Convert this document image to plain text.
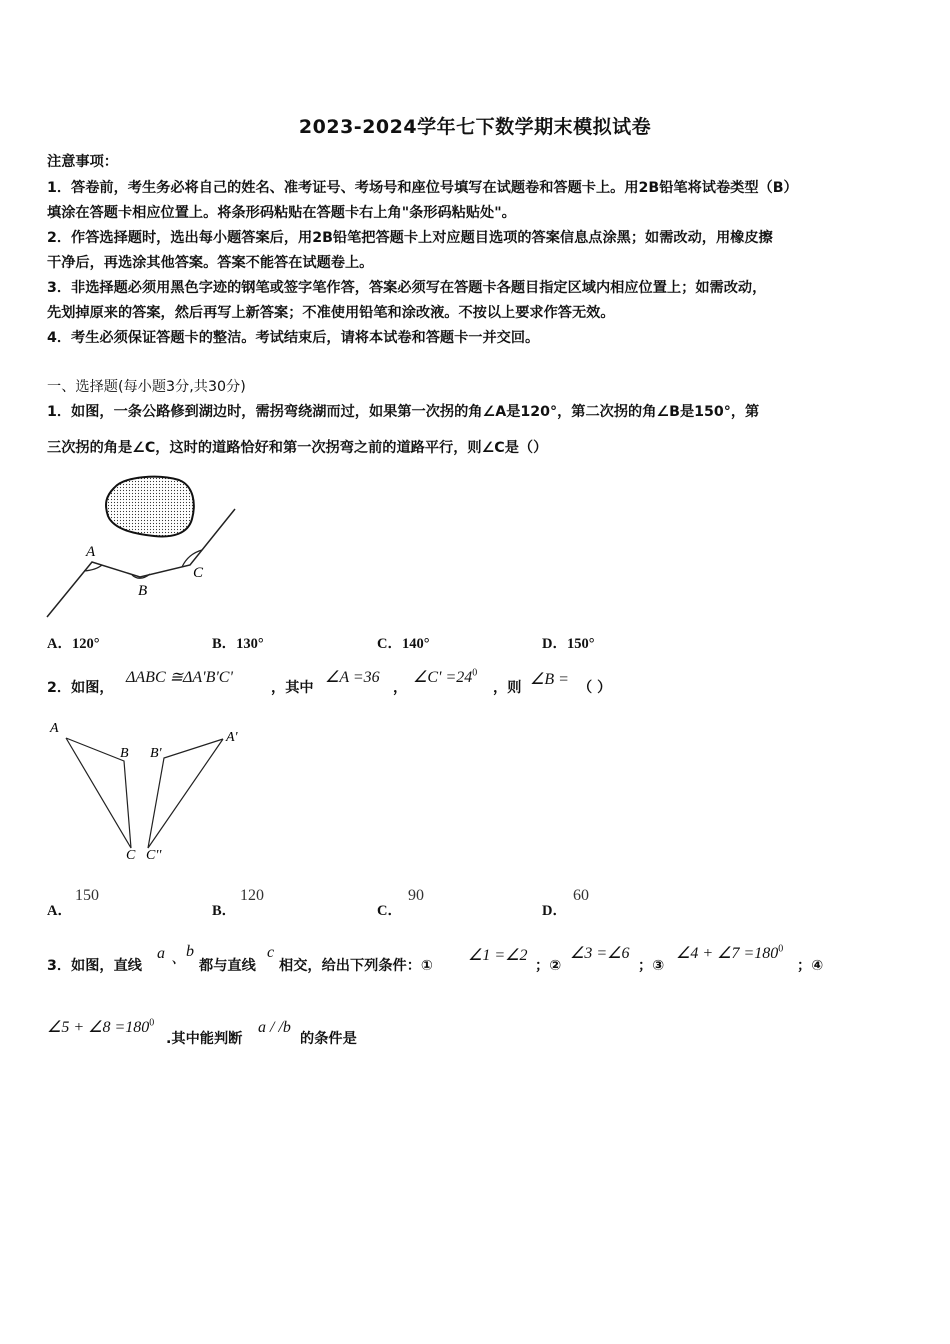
2023-2024学年七下数学期末模拟试卷
注意事项：
1．答卷前，考生务必将自己的姓名、准考证号、考场号和座位号填写在试题卷和答题卡上。用2B铅笔将试卷类型（B）
填涂在答题卡相应位置上。将条形码粘贴在答题卡右上角"条形码粘贴处"。
2．作答选择题时，选出每小题答案后，用2B铅笔把答题卡上对应题目选项的答案信息点涂黑；如需改动，用橡皮擦
干净后，再选涂其他答案。答案不能答在试题卷上。
3．非选择题必须用黑色字迹的钢笔或签字笔作答，答案必须写在答题卡各题目指定区域内相应位置上；如需改动，
先划掉原来的答案，然后再写上新答案；不准使用铅笔和涂改液。不按以上要求作答无效。
4．考生必须保证答题卡的整洁。考试结束后，请将本试卷和答题卡一并交回。
一、选择题(每小题3分,共30分)
1．如图，一条公路修到湖边时，需拐弯绕湖而过，如果第一次拐的角∠A是120°，第二次拐的角∠B是150°，第
三次拐的角是∠C，这时的道路恰好和第一次拐弯之前的道路平行，则∠C是（）
A
B
C
A．120°	B．130°	C．140°	D．150°
2．如图，
ΔABC ≅ΔA'B'C'
，其中
∠A =36
，
∠C' $=24^0$
，则 ∠B = （ ）
A
B
C
A'
B'
C''
A．
150
B．
120
C．
90
D．
60
3．如图，直线
a 、
b
都与直线
c
相交，给出下列条件：①
∠1 =∠2
；②
∠3 =∠6
；③
∠4 + ∠7 $=180^0$
；④
∠5 + ∠8 $=180^0$
.其中能判断
a / /b
的条件是
